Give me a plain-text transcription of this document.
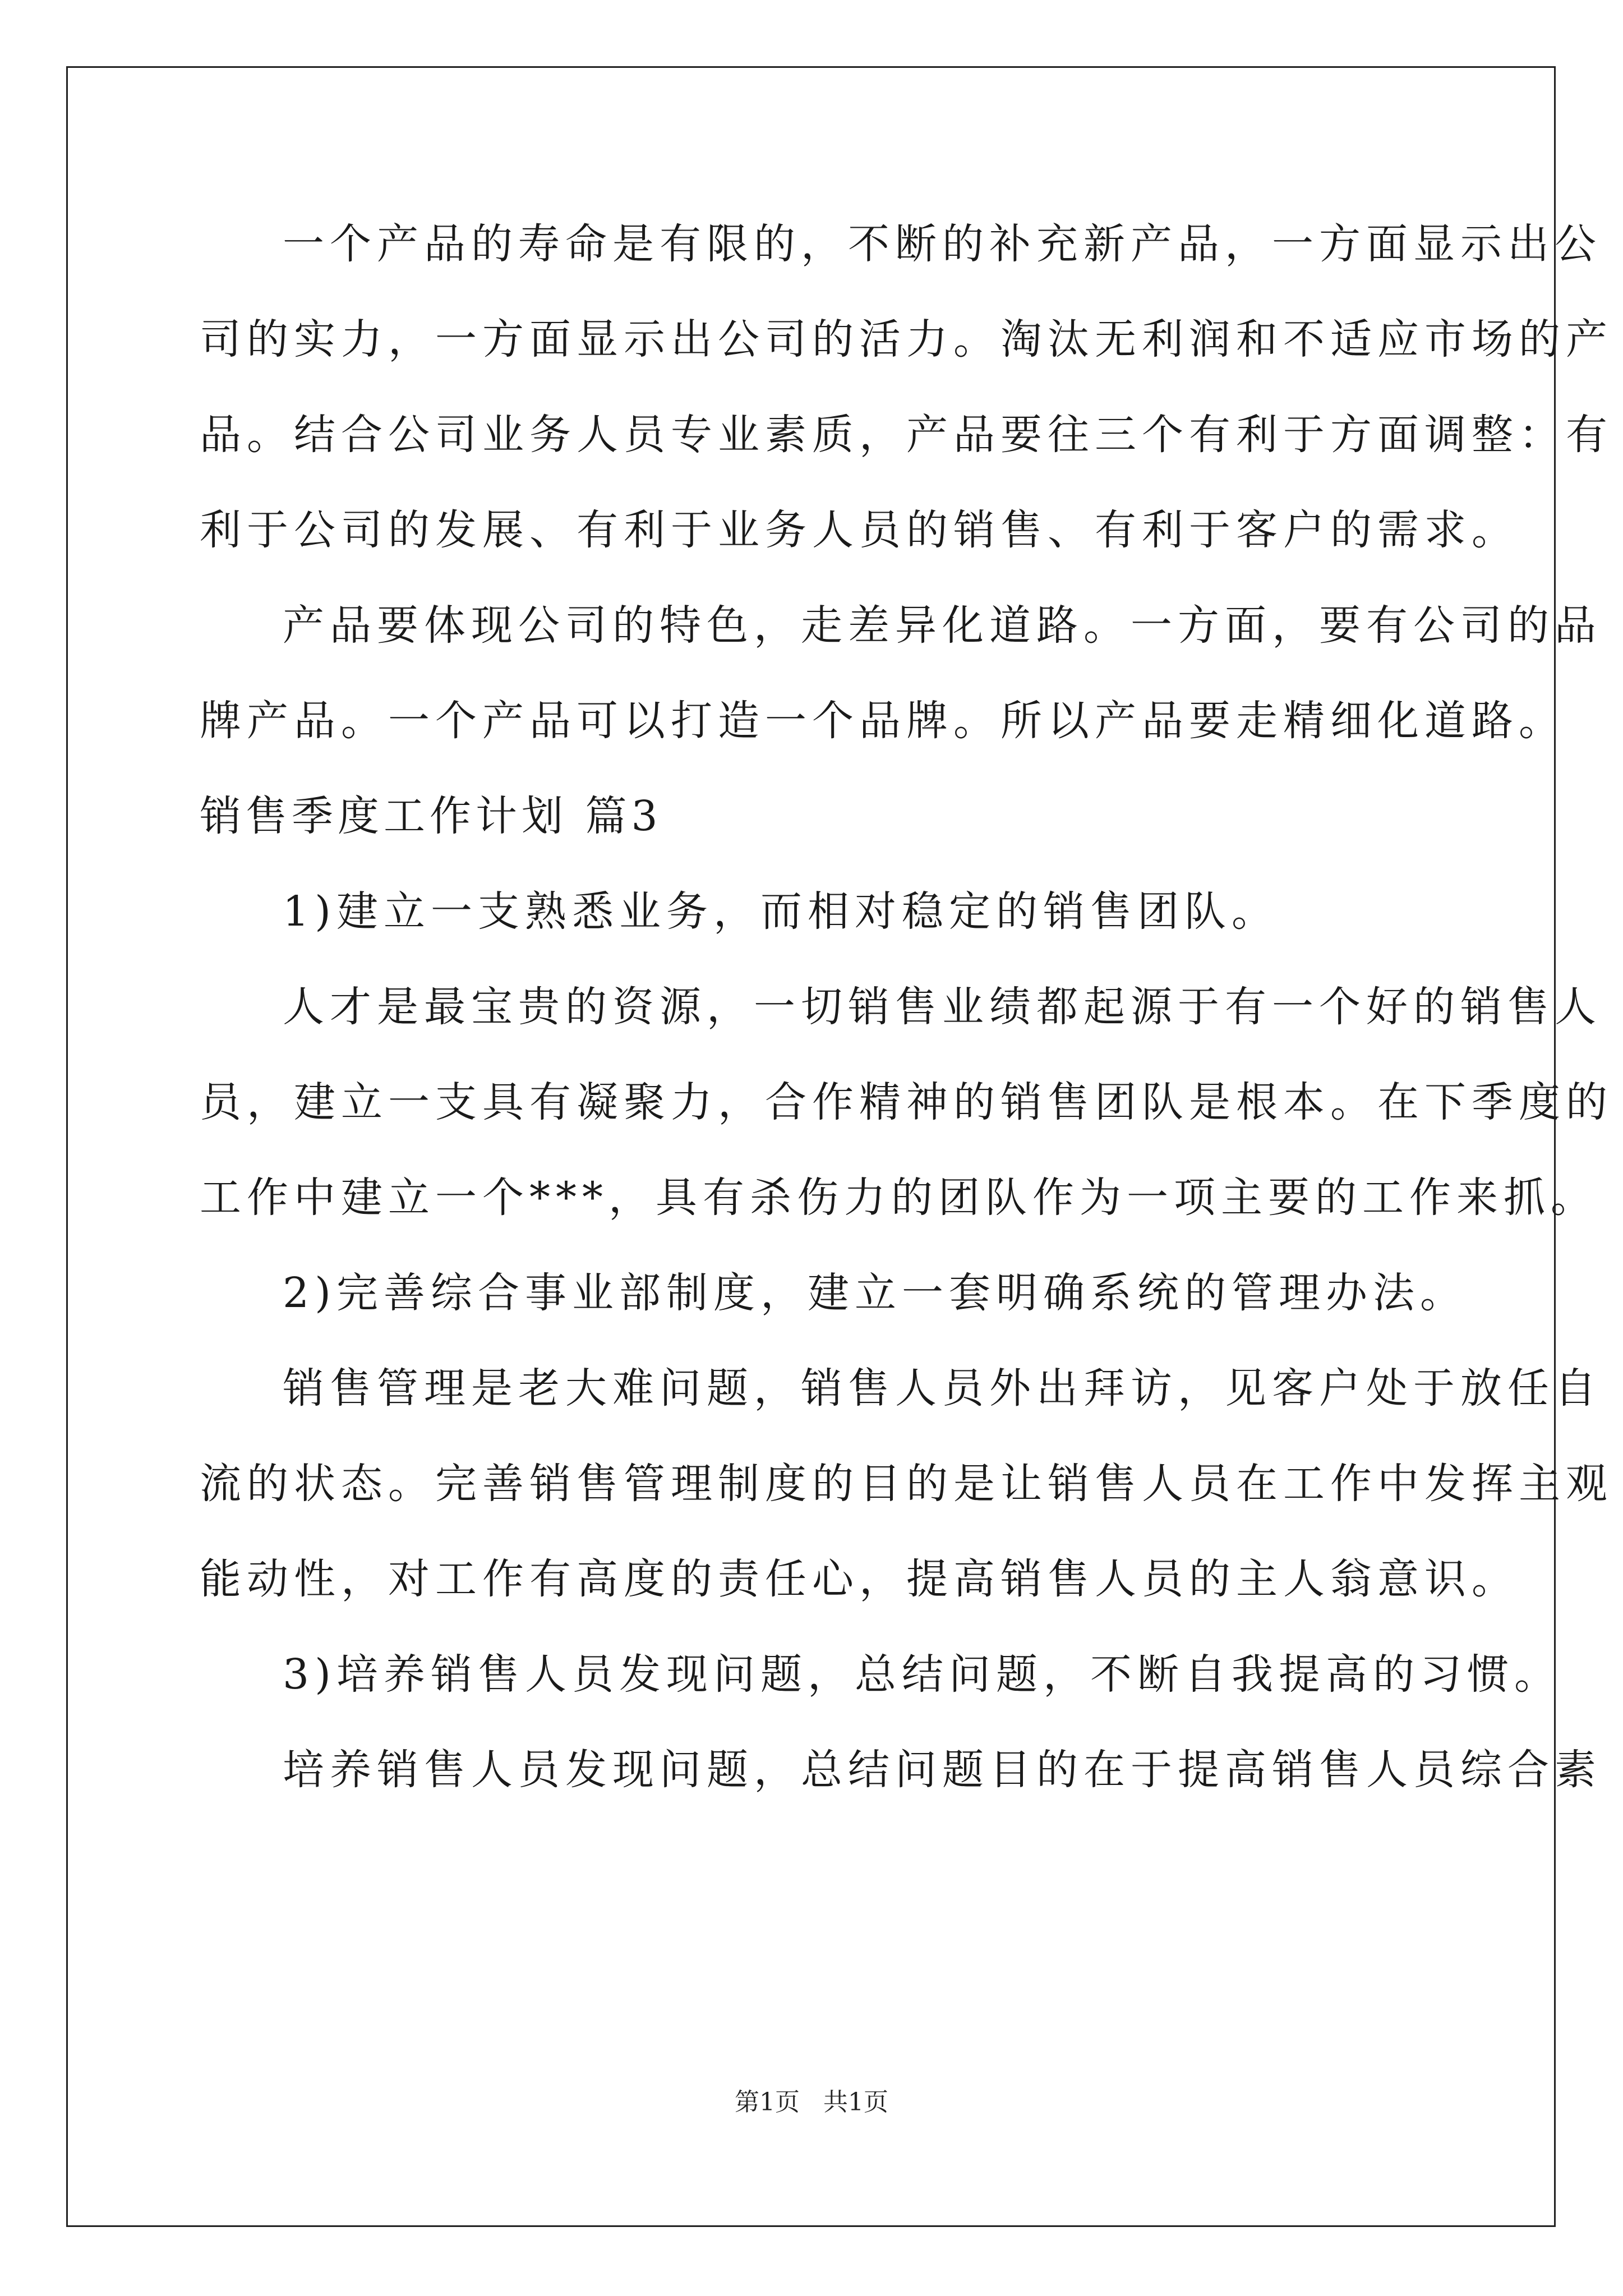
一个产品的寿命是有限的，不断的补充新产品，一方面显示出公
司的实力，一方面显示出公司的活力。淘汰无利润和不适应市场的产
品。结合公司业务人员专业素质，产品要往三个有利于方面调整：有
利于公司的发展、有利于业务人员的销售、有利于客户的需求。
产品要体现公司的特色，走差异化道路。一方面，要有公司的品
牌产品。一个产品可以打造一个品牌。所以产品要走精细化道路。
销售季度工作计划 篇3
1)建立一支熟悉业务，而相对稳定的销售团队。
人才是最宝贵的资源，一切销售业绩都起源于有一个好的销售人
员，建立一支具有凝聚力，合作精神的销售团队是根本。在下季度的
工作中建立一个***，具有杀伤力的团队作为一项主要的工作来抓。
2)完善综合事业部制度，建立一套明确系统的管理办法。
销售管理是老大难问题，销售人员外出拜访，见客户处于放任自
流的状态。完善销售管理制度的目的是让销售人员在工作中发挥主观
能动性，对工作有高度的责任心，提高销售人员的主人翁意识。
3)培养销售人员发现问题，总结问题，不断自我提高的习惯。
培养销售人员发现问题，总结问题目的在于提高销售人员综合素
第1页 共1页
